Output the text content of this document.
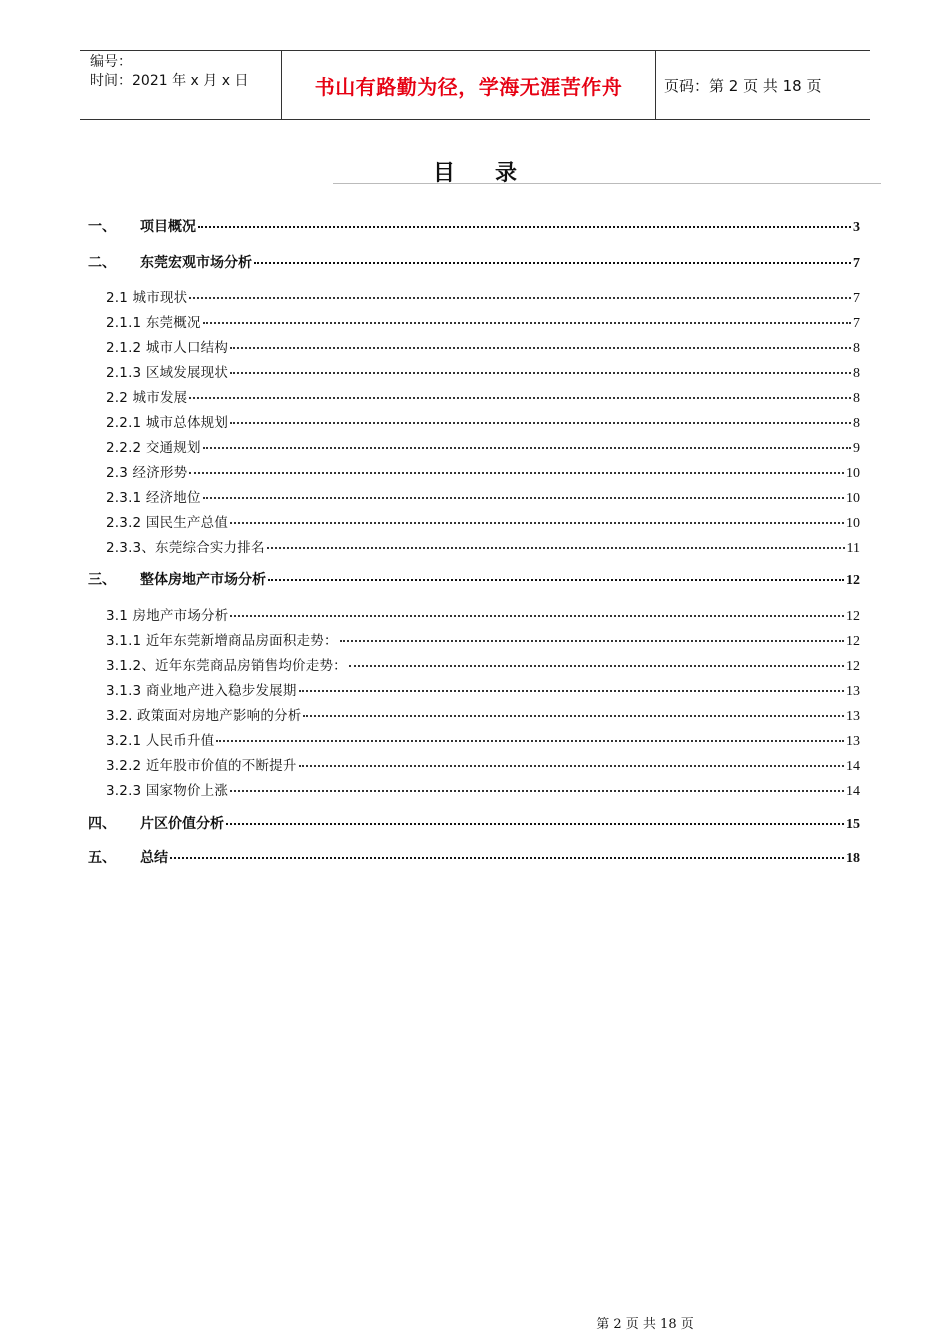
编号：
时间：2021 年 x 月 x 日	书山有路勤为径，学海无涯苦作舟	页码：第 2 页 共 18 页
目录
一、	项目概况	3
二、	东莞宏观市场分析	7
2.1 城市现状	7
2.1.1 东莞概况	7
2.1.2 城市人口结构	8
2.1.3 区域发展现状	8
2.2 城市发展	8
2.2.1 城市总体规划	8
2.2.2 交通规划	9
2.3 经济形势	10
2.3.1 经济地位	10
2.3.2 国民生产总值	10
2.3.3、东莞综合实力排名	11
三、	整体房地产市场分析	12
3.1 房地产市场分析	12
3.1.1 近年东莞新增商品房面积走势：	12
3.1.2、近年东莞商品房销售均价走势：	12
3.1.3 商业地产进入稳步发展期	13
3.2. 政策面对房地产影响的分析	13
3.2.1 人民币升值	13
3.2.2 近年股市价值的不断提升	14
3.2.3 国家物价上涨	14
四、	片区价值分析	15
五、	总结	18
第 2 页 共 18 页
